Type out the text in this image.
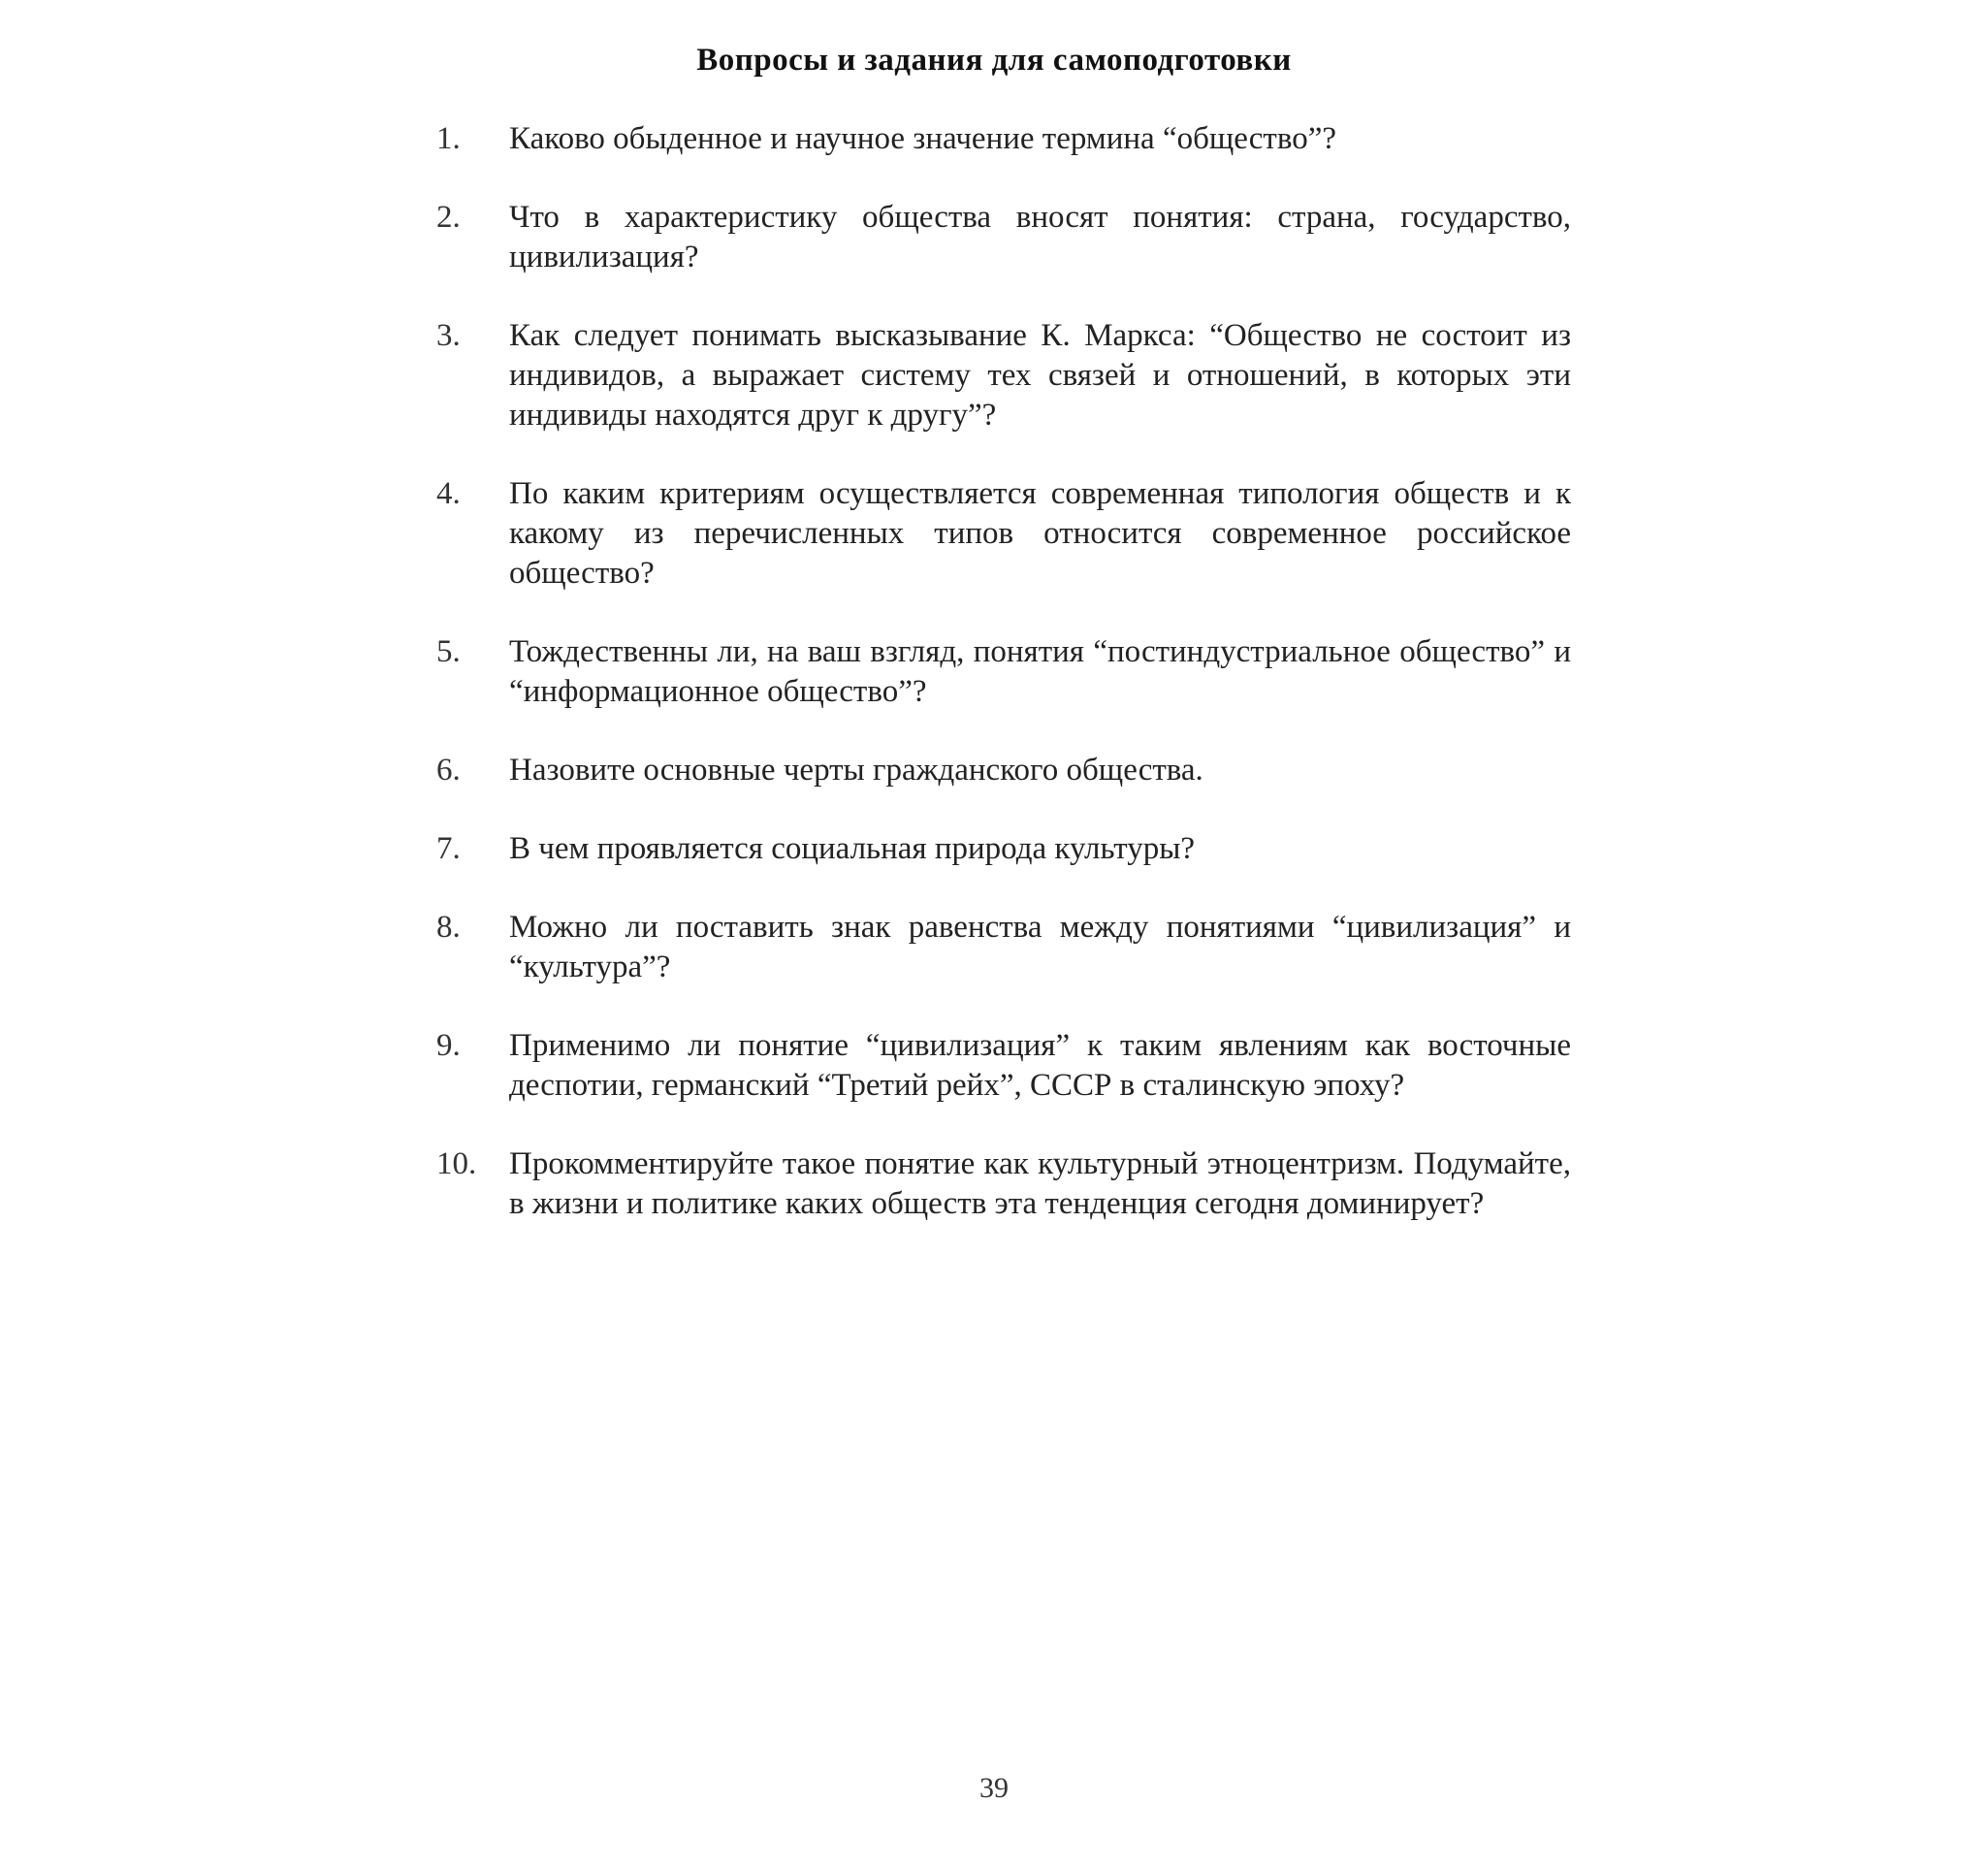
Вопросы и задания для самоподготовки
1.	Каково обыденное и научное значение термина “общество”?
2.	Что в характеристику общества вносят понятия: страна, государство, цивилизация?
3.	Как следует понимать высказывание К. Маркса: “Общество не состоит из индивидов, а выражает систему тех связей и отношений, в которых эти индивиды находятся друг к другу”?
4.	По каким критериям осуществляется современная типология обществ и к какому из перечисленных типов относится современное российское общество?
5.	Тождественны ли, на ваш взгляд, понятия “постиндустриальное общество” и “информационное общество”?
6.	Назовите основные черты гражданского общества.
7.	В чем проявляется социальная природа культуры?
8.	Можно ли поставить знак равенства между понятиями “цивилизация” и “культура”?
9.	Применимо ли понятие “цивилизация” к таким явлениям как восточные деспотии, германский “Третий рейх”, СССР в сталинскую эпоху?
10.	Прокомментируйте такое понятие как культурный этноцентризм. Подумайте, в жизни и политике каких обществ эта тенденция сегодня доминирует?
39
